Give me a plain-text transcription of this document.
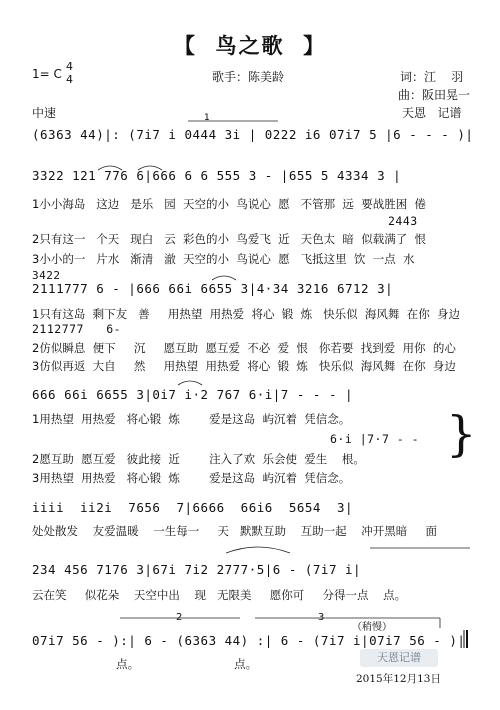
【  鸟之歌  】
1= C
4
4	歌手：陈美龄	词：江    羽
曲：阪田晃一
中速	天恩   记谱
(6363 44)|: (7i7 i 0444 3i | 0222 i6 07i7 5 |6 - - - )|
3322 121 776 6|666 6 6 555 3 - |655 5 4334 3 |
1小小海岛   这边   是乐   园  天空的小  鸟说心  愿   不管那  远  要战胜困  倦
2443
2只有这一   个天   现白   云  彩色的小  鸟爱飞  近   天色太  暗  似载满了  恨
3小小的一   片水   渐清   澈  天空的小  鸟说心  愿   飞抵这里  饮  一点  水
2111777 6 - |666 66i 6655 3|4·34 3216 6712 3|
3422
1只有这岛  剩下友   善     用热望  用热爱  将心  锻  炼   快乐似  海风舞  在你  身边
2112777   6-
2仿似瞬息  便下     沉     愿互助  愿互爱  不必  爱  恨   你若要  找到爱  用你  的心
3仿似再返  大自     然     用热望  用热爱  将心  锻  炼   快乐似  海风舞  在你  身边
666 66i 6655 3|0i7 i·2 767 6·i|7 - - - |
1用热望  用热爱   将心锻  炼        爱是这岛  屿沉着  凭信念。
6·i |7·7 - -
2愿互助  愿互爱   彼此接  近        注入了欢  乐会使  爱生    根。
3用热望  用热爱   将心锻  炼        爱是这岛  屿沉着  凭信念。
}
iiii  ii2i  7656  7|6666  66i6  5654  3|
处处散发    友爱温暖    一生每一     天   默默互助    互助一起    冲开黑暗     面
234 456 7176 3|67i 7i2 2777·5|6 - (7i7 i|
云在笑     似花朵    天空中出    现   无限美     愿你可     分得一点    点。
（稍慢）
2	3
07i7 56 - ):| 6 - (6363 44) :| 6 - (7i7 i|07i7 56 - )|
点。                          点。
1
天恩记谱
2015年12月13日
